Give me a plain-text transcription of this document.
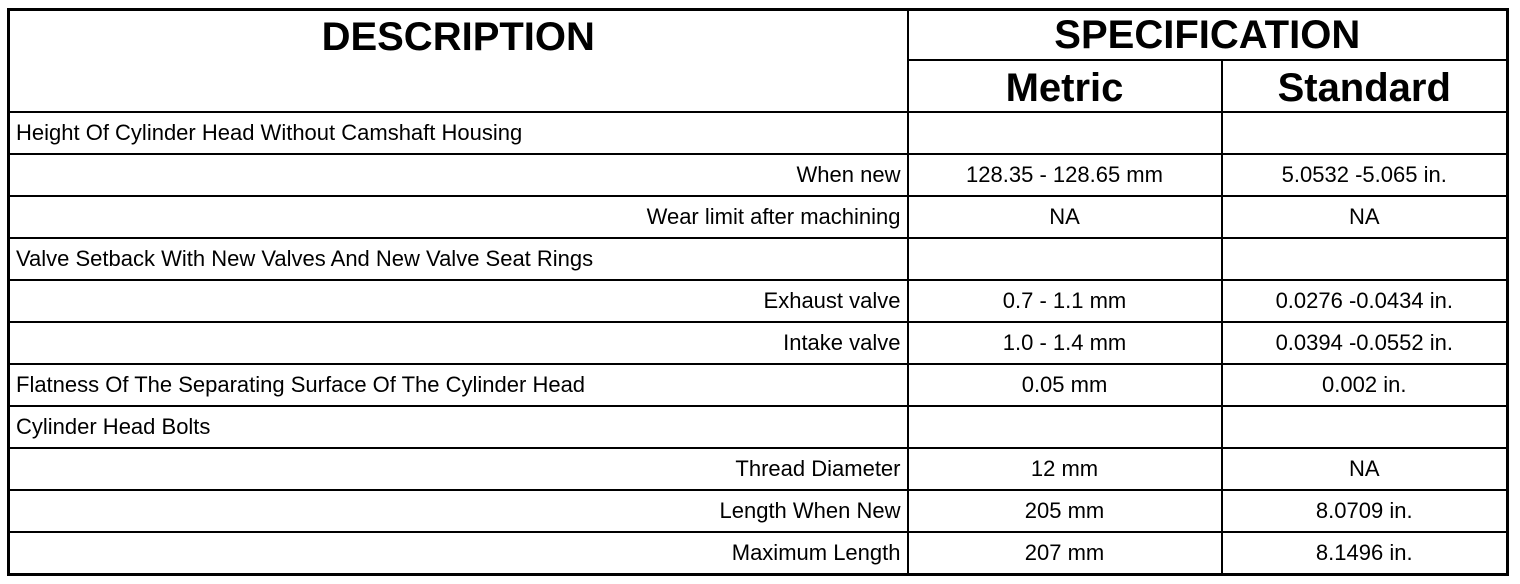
DESCRIPTION	SPECIFICATION	
	Metric	Standard
Height Of Cylinder Head Without Camshaft Housing		
When new	128.35 - 128.65 mm	5.0532 -5.065 in.
Wear limit after machining	NA	NA
Valve Setback With New Valves And New Valve Seat Rings		
Exhaust valve	0.7 - 1.1 mm	0.0276 -0.0434 in.
Intake valve	1.0 - 1.4 mm	0.0394 -0.0552 in.
Flatness Of The Separating Surface Of The Cylinder Head	0.05 mm	0.002 in.
Cylinder Head Bolts		
Thread Diameter	12 mm	NA
Length When New	205 mm	8.0709 in.
Maximum Length	207 mm	8.1496 in.
